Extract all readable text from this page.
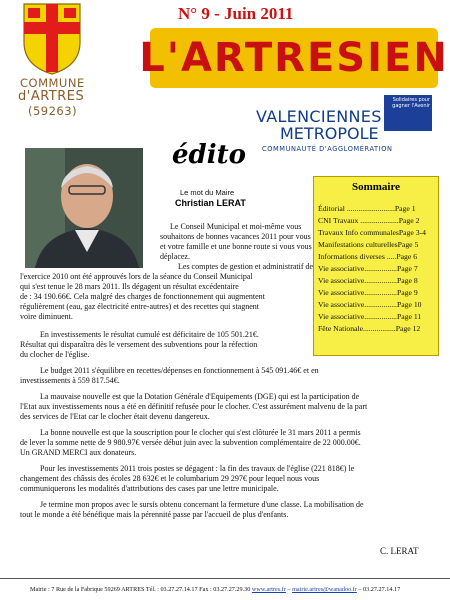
COMMUNE
d'ARTRES
(59263)
N° 9 - Juin 2011
L'ARTRESIEN
Solidaires pour gagner l'Avenir
VALENCIENNES
METROPOLE
COMMUNAUTÉ D'AGGLOMÉRATION
édito
Le mot du Maire
Christian LERAT
Sommaire
Éditorial .........................Page 1
CNI Travaux ....................Page 2
Travaux Info communalesPage 3-4
Manifestations culturellesPage 5
Informations diverses .....Page 6
Vie associative.................Page 7
Vie associative.................Page 8
Vie associative.................Page 9
Vie associative.................Page 10
Vie associative.................Page 11
Fête Nationale.................Page 12
Le Conseil Municipal et moi-même vous
souhaitons de bonnes vacances 2011 pour vous
et votre famille et une bonne route si vous vous
déplacez.
Les comptes de gestion et administratif de
l'exercice 2010 ont été approuvés lors de la séance du Conseil Municipal
qui s'est tenue le 28 mars 2011. Ils dégagent un résultat excédentaire
de : 34 190.66€. Cela malgré des charges de fonctionnement qui augmentent
régulièrement (eau, gaz électricité entre-autres) et des recettes qui stagnent
voire diminuent.
En investissements le résultat cumulé est déficitaire de 105 501.21€.
Résultat qui disparaîtra dès le versement des subventions pour la réfection
du clocher de l'église.
Le budget 2011 s'équilibre en recettes/dépenses en fonctionnement à 545 091.46€ et en
investissements à 559 817.54€.
La mauvaise nouvelle est que la Dotation Générale d'Equipements (DGE) qui est la participation de
l'Etat aux investissements nous a été en définitif refusée pour le clocher. C'est assurément malvenu de la part
des services de l'Etat car le clocher était devenu dangereux.
La bonne nouvelle est que la souscription pour le clocher qui s'est clôturée le 31 mars 2011 a permis
de lever la somme nette de 9 980.97€ versée début juin avec la subvention complémentaire de 22 000.00€.
Un GRAND MERCI aux donateurs.
Pour les investissements 2011 trois postes se dégagent : la fin des travaux de l'église (221 818€) le
changement des châssis des écoles 28 632€ et le columbarium 29 297€ pour lequel nous vous
communiquerons les modalités d'attributions des cases par une lettre municipale.
Je termine mon propos avec le sursis obtenu concernant la fermeture d'une classe. La mobilisation de
tout le monde a été bénéfique mais la pérennité passe par l'accueil de plus d'enfants.
C. LERAT
Mairie : 7 Rue de la Fabrique 59269 ARTRES Tél. : 03.27.27.14.17 Fax : 03.27.27.29.30 www.artres.fr – mairie.artres@wanadoo.fr – 03.27.27.14.17
